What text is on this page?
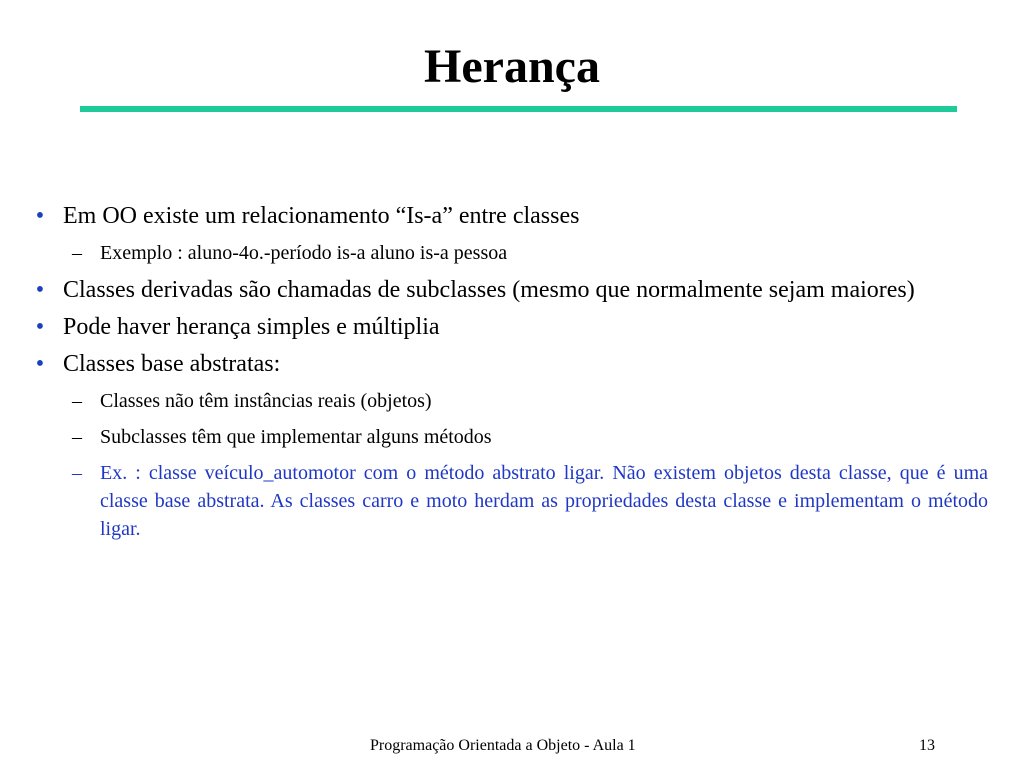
Herança
• Em OO existe um relacionamento “Is-a” entre classes
– Exemplo : aluno-4o.-período is-a aluno is-a pessoa
• Classes derivadas são chamadas de subclasses (mesmo que normalmente sejam maiores)
• Pode haver herança simples e múltiplia
• Classes base abstratas:
– Classes não têm instâncias reais (objetos)
– Subclasses têm que implementar alguns métodos
– Ex. : classe veículo_automotor com o método abstrato ligar. Não existem objetos desta classe, que é uma classe base abstrata. As classes carro e moto herdam as propriedades desta classe e implementam o método ligar.
Programação Orientada a Objeto - Aula 1	13
